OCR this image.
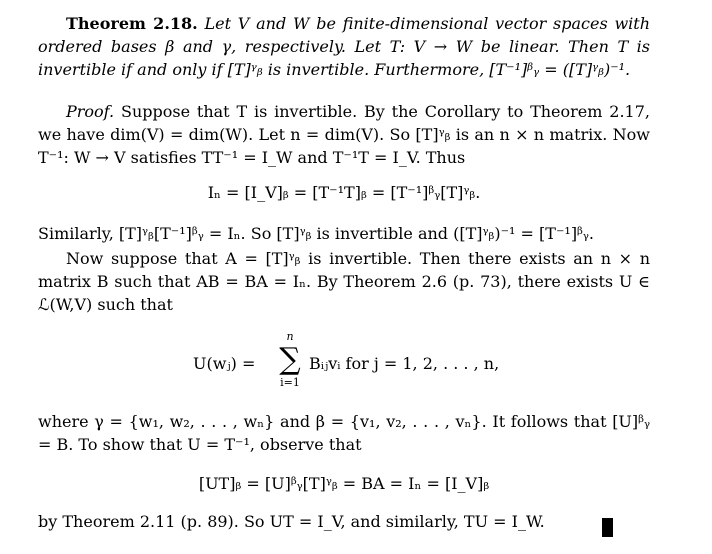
Theorem 2.18. Let V and W be finite-dimensional vector spaces with ordered bases β and γ, respectively. Let T: V → W be linear. Then T is invertible if and only if [T]ᵞᵦ is invertible. Furthermore, [T⁻¹]ᵝᵧ = ([T]ᵞᵦ)⁻¹.

Proof. Suppose that T is invertible. By the Corollary to Theorem 2.17, we have dim(V) = dim(W). Let n = dim(V). So [T]ᵞᵦ is an n × n matrix. Now T⁻¹: W → V satisfies TT⁻¹ = I_W and T⁻¹T = I_V. Thus

Iₙ = [I_V]ᵦ = [T⁻¹T]ᵦ = [T⁻¹]ᵝᵧ[T]ᵞᵦ.

Similarly, [T]ᵞᵦ[T⁻¹]ᵝᵧ = Iₙ. So [T]ᵞᵦ is invertible and ([T]ᵞᵦ)⁻¹ = [T⁻¹]ᵝᵧ.

Now suppose that A = [T]ᵞᵦ is invertible. Then there exists an n × n matrix B such that AB = BA = Iₙ. By Theorem 2.6 (p. 73), there exists U ∈ ℒ(W,V) such that

U(wⱼ) =
n
∑
i=1
Bᵢⱼvᵢ for j = 1, 2, . . . , n,

where γ = {w₁, w₂, . . . , wₙ} and β = {v₁, v₂, . . . , vₙ}. It follows that [U]ᵝᵧ = B. To show that U = T⁻¹, observe that

[UT]ᵦ = [U]ᵝᵧ[T]ᵞᵦ = BA = Iₙ = [I_V]ᵦ

by Theorem 2.11 (p. 89). So UT = I_V, and similarly, TU = I_W.
